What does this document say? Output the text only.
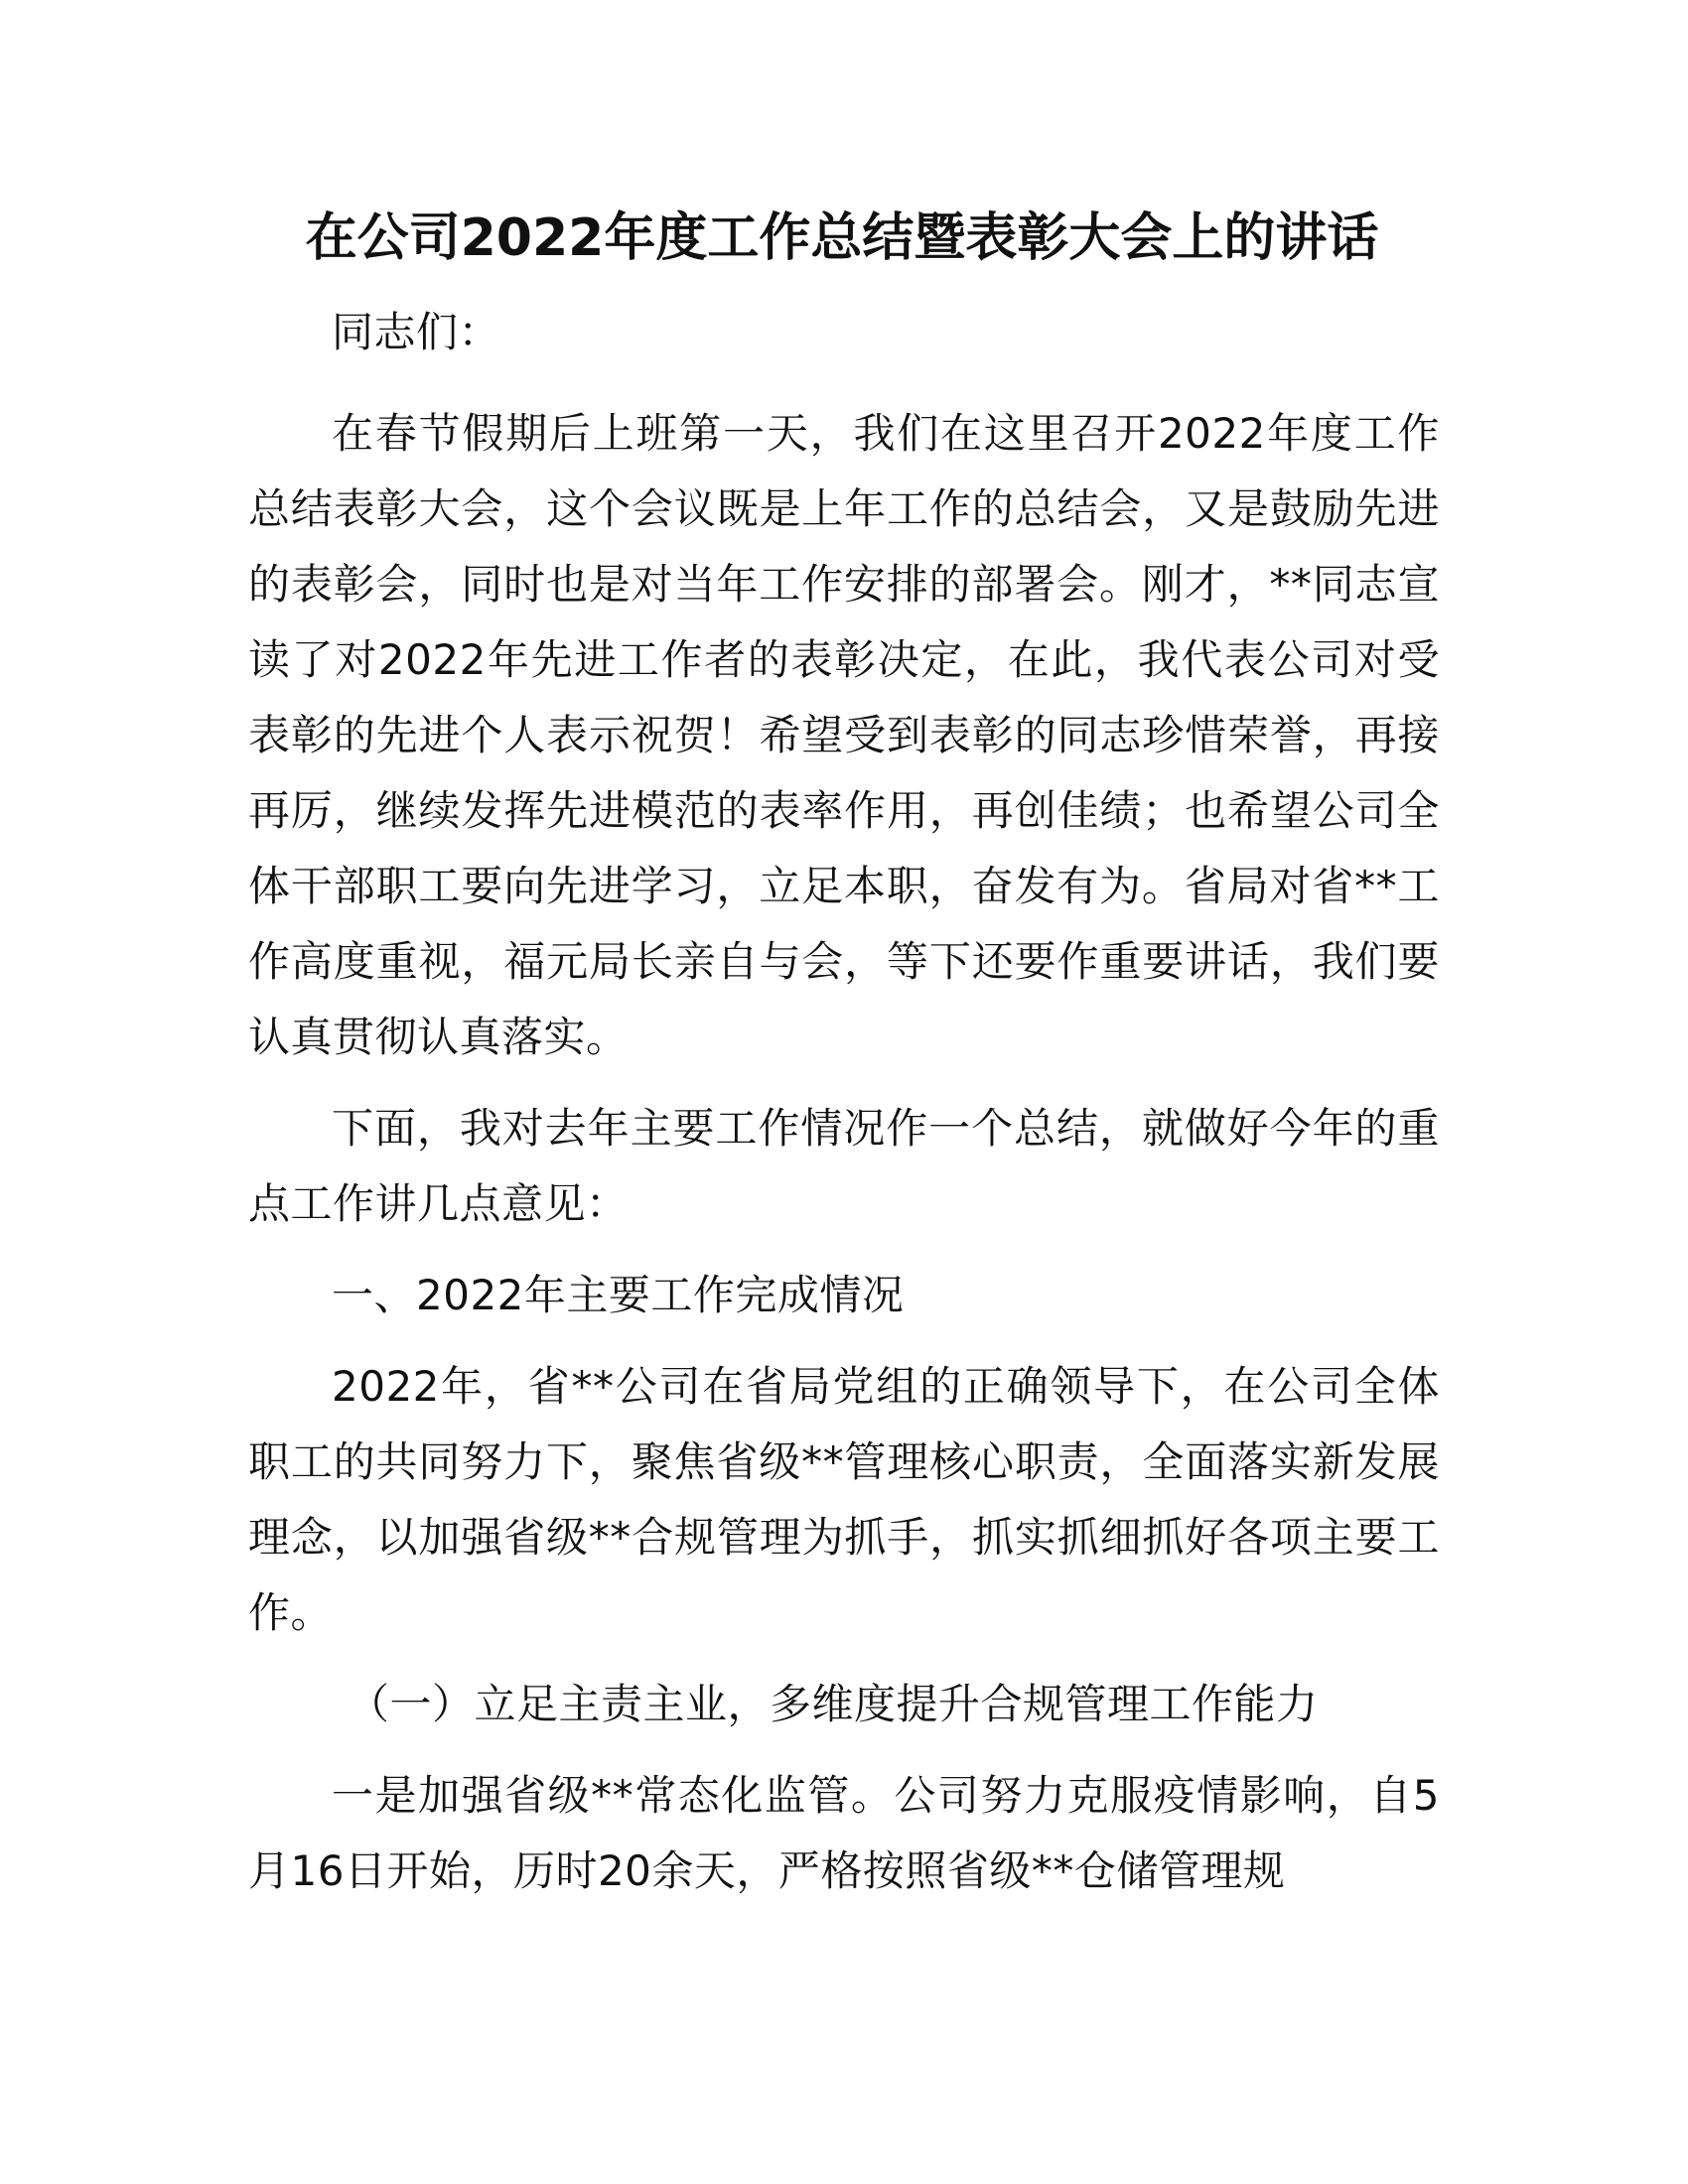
在公司2022年度工作总结暨表彰大会上的讲话

同志们：

在春节假期后上班第一天，我们在这里召开2022年度工作总结表彰大会，这个会议既是上年工作的总结会，又是鼓励先进的表彰会，同时也是对当年工作安排的部署会。刚才，**同志宣读了对2022年先进工作者的表彰决定，在此，我代表公司对受表彰的先进个人表示祝贺！希望受到表彰的同志珍惜荣誉，再接再厉，继续发挥先进模范的表率作用，再创佳绩；也希望公司全体干部职工要向先进学习，立足本职，奋发有为。省局对省**工作高度重视，福元局长亲自与会，等下还要作重要讲话，我们要认真贯彻认真落实。

下面，我对去年主要工作情况作一个总结，就做好今年的重点工作讲几点意见：

一、2022年主要工作完成情况

2022年，省**公司在省局党组的正确领导下，在公司全体职工的共同努力下，聚焦省级**管理核心职责，全面落实新发展理念，以加强省级**合规管理为抓手，抓实抓细抓好各项主要工作。

（一）立足主责主业，多维度提升合规管理工作能力

一是加强省级**常态化监管。公司努力克服疫情影响，自5月16日开始，历时20余天，严格按照省级**仓储管理规
